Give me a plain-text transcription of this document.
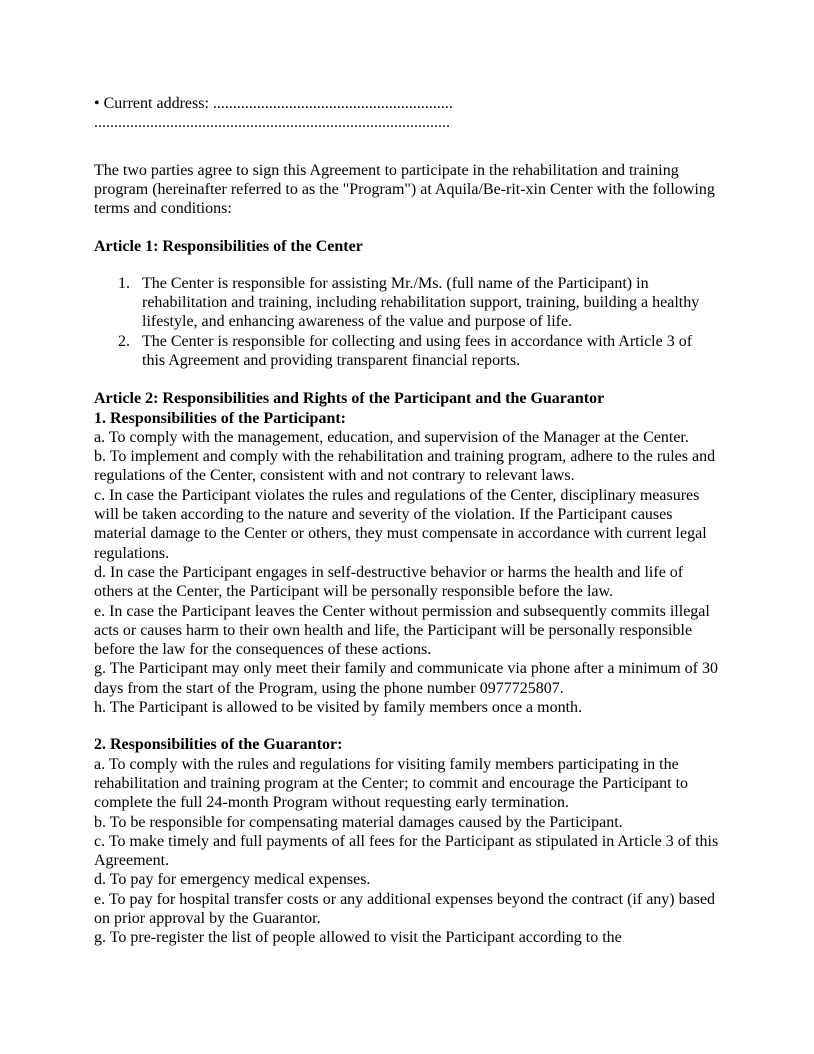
• Current address: ............................................................

.........................................................................................

The two parties agree to sign this Agreement to participate in the rehabilitation and training program (hereinafter referred to as the "Program") at Aquila/Be-rit-xin Center with the following terms and conditions:

Article 1: Responsibilities of the Center

1. The Center is responsible for assisting Mr./Ms. (full name of the Participant) in rehabilitation and training, including rehabilitation support, training, building a healthy lifestyle, and enhancing awareness of the value and purpose of life.
2. The Center is responsible for collecting and using fees in accordance with Article 3 of this Agreement and providing transparent financial reports.

Article 2: Responsibilities and Rights of the Participant and the Guarantor

1. Responsibilities of the Participant:

a. To comply with the management, education, and supervision of the Manager at the Center.

b. To implement and comply with the rehabilitation and training program, adhere to the rules and regulations of the Center, consistent with and not contrary to relevant laws.

c. In case the Participant violates the rules and regulations of the Center, disciplinary measures will be taken according to the nature and severity of the violation. If the Participant causes material damage to the Center or others, they must compensate in accordance with current legal regulations.

d. In case the Participant engages in self-destructive behavior or harms the health and life of others at the Center, the Participant will be personally responsible before the law.

e. In case the Participant leaves the Center without permission and subsequently commits illegal acts or causes harm to their own health and life, the Participant will be personally responsible before the law for the consequences of these actions.

g. The Participant may only meet their family and communicate via phone after a minimum of 30 days from the start of the Program, using the phone number 0977725807.

h. The Participant is allowed to be visited by family members once a month.

2. Responsibilities of the Guarantor:

a. To comply with the rules and regulations for visiting family members participating in the rehabilitation and training program at the Center; to commit and encourage the Participant to complete the full 24-month Program without requesting early termination.

b. To be responsible for compensating material damages caused by the Participant.

c. To make timely and full payments of all fees for the Participant as stipulated in Article 3 of this Agreement.

d. To pay for emergency medical expenses.

e. To pay for hospital transfer costs or any additional expenses beyond the contract (if any) based on prior approval by the Guarantor.

g. To pre-register the list of people allowed to visit the Participant according to the
